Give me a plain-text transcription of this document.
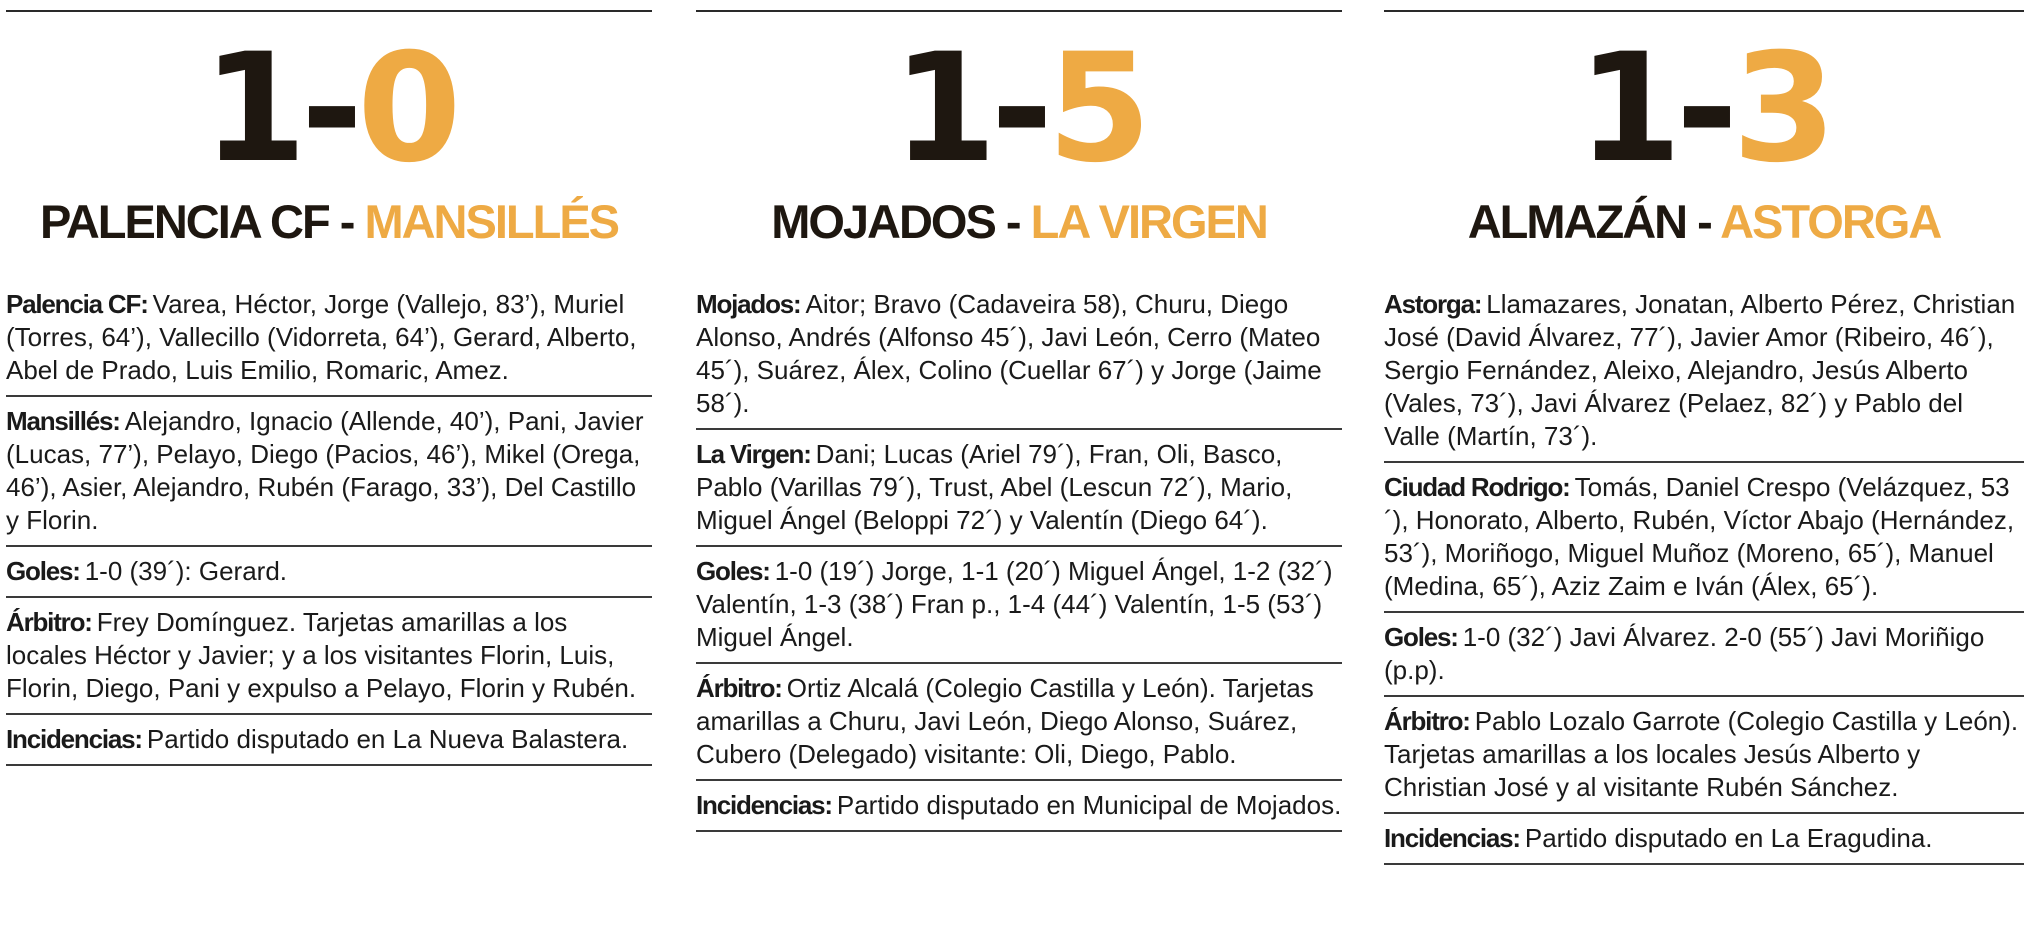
1-0
PALENCIA CF - MANSILLÉS
Palencia CF: Varea, Héctor, Jorge (Vallejo, 83’), Muriel (Torres, 64’), Vallecillo (Vidorreta, 64’), Gerard, Alberto, Abel de Prado, Luis Emilio, Romaric, Amez.
Mansillés: Alejandro, Ignacio (Allende, 40’), Pani, Javier (Lucas, 77’), Pelayo, Diego (Pacios, 46’), Mikel (Orega, 46’), Asier, Alejandro, Rubén (Farago, 33’), Del Castillo y Florin.
Goles: 1-0 (39´): Gerard.
Árbitro: Frey Domínguez. Tarjetas amarillas a los locales Héctor y Javier; y a los visitantes Florin, Luis, Florin, Diego, Pani y expulso a Pelayo, Florin y Rubén.
Incidencias: Partido disputado en La Nueva Balastera.
1-5
MOJADOS - LA VIRGEN
Mojados: Aitor; Bravo (Cadaveira 58), Churu, Diego Alonso, Andrés (Alfonso 45´), Javi León, Cerro (Mateo 45´), Suárez, Álex, Colino (Cuellar 67´) y Jorge (Jaime 58´).
La Virgen: Dani; Lucas (Ariel 79´), Fran, Oli, Basco, Pablo (Varillas 79´), Trust, Abel (Lescun 72´), Mario, Miguel Ángel (Beloppi 72´) y Valentín (Diego 64´).
Goles: 1-0 (19´) Jorge, 1-1 (20´) Miguel Ángel, 1-2 (32´) Valentín, 1-3 (38´) Fran p., 1-4 (44´) Valentín, 1-5 (53´) Miguel Ángel.
Árbitro: Ortiz Alcalá (Colegio Castilla y León). Tarjetas amarillas a Churu, Javi León, Diego Alonso, Suárez, Cubero (Delegado) visitante: Oli, Diego, Pablo.
Incidencias: Partido disputado en Municipal de Mojados.
1-3
ALMAZÁN - ASTORGA
Astorga: Llamazares, Jonatan, Alberto Pérez, Christian José (David Álvarez, 77´), Javier Amor (Ribeiro, 46´), Sergio Fernández, Aleixo, Alejandro, Jesús Alberto (Vales, 73´), Javi Álvarez (Pelaez, 82´) y Pablo del Valle (Martín, 73´).
Ciudad Rodrigo: Tomás, Daniel Crespo (Velázquez, 53´), Honorato, Alberto, Rubén, Víctor Abajo (Hernández, 53´), Moriñogo, Miguel Muñoz (Moreno, 65´), Manuel (Medina, 65´), Aziz Zaim e Iván (Álex, 65´).
Goles: 1-0 (32´) Javi Álvarez. 2-0 (55´) Javi Moriñigo (p.p).
Árbitro: Pablo Lozalo Garrote (Colegio Castilla y León). Tarjetas amarillas a los locales Jesús Alberto y Christian José y al visitante Rubén Sánchez.
Incidencias: Partido disputado en La Eragudina.
